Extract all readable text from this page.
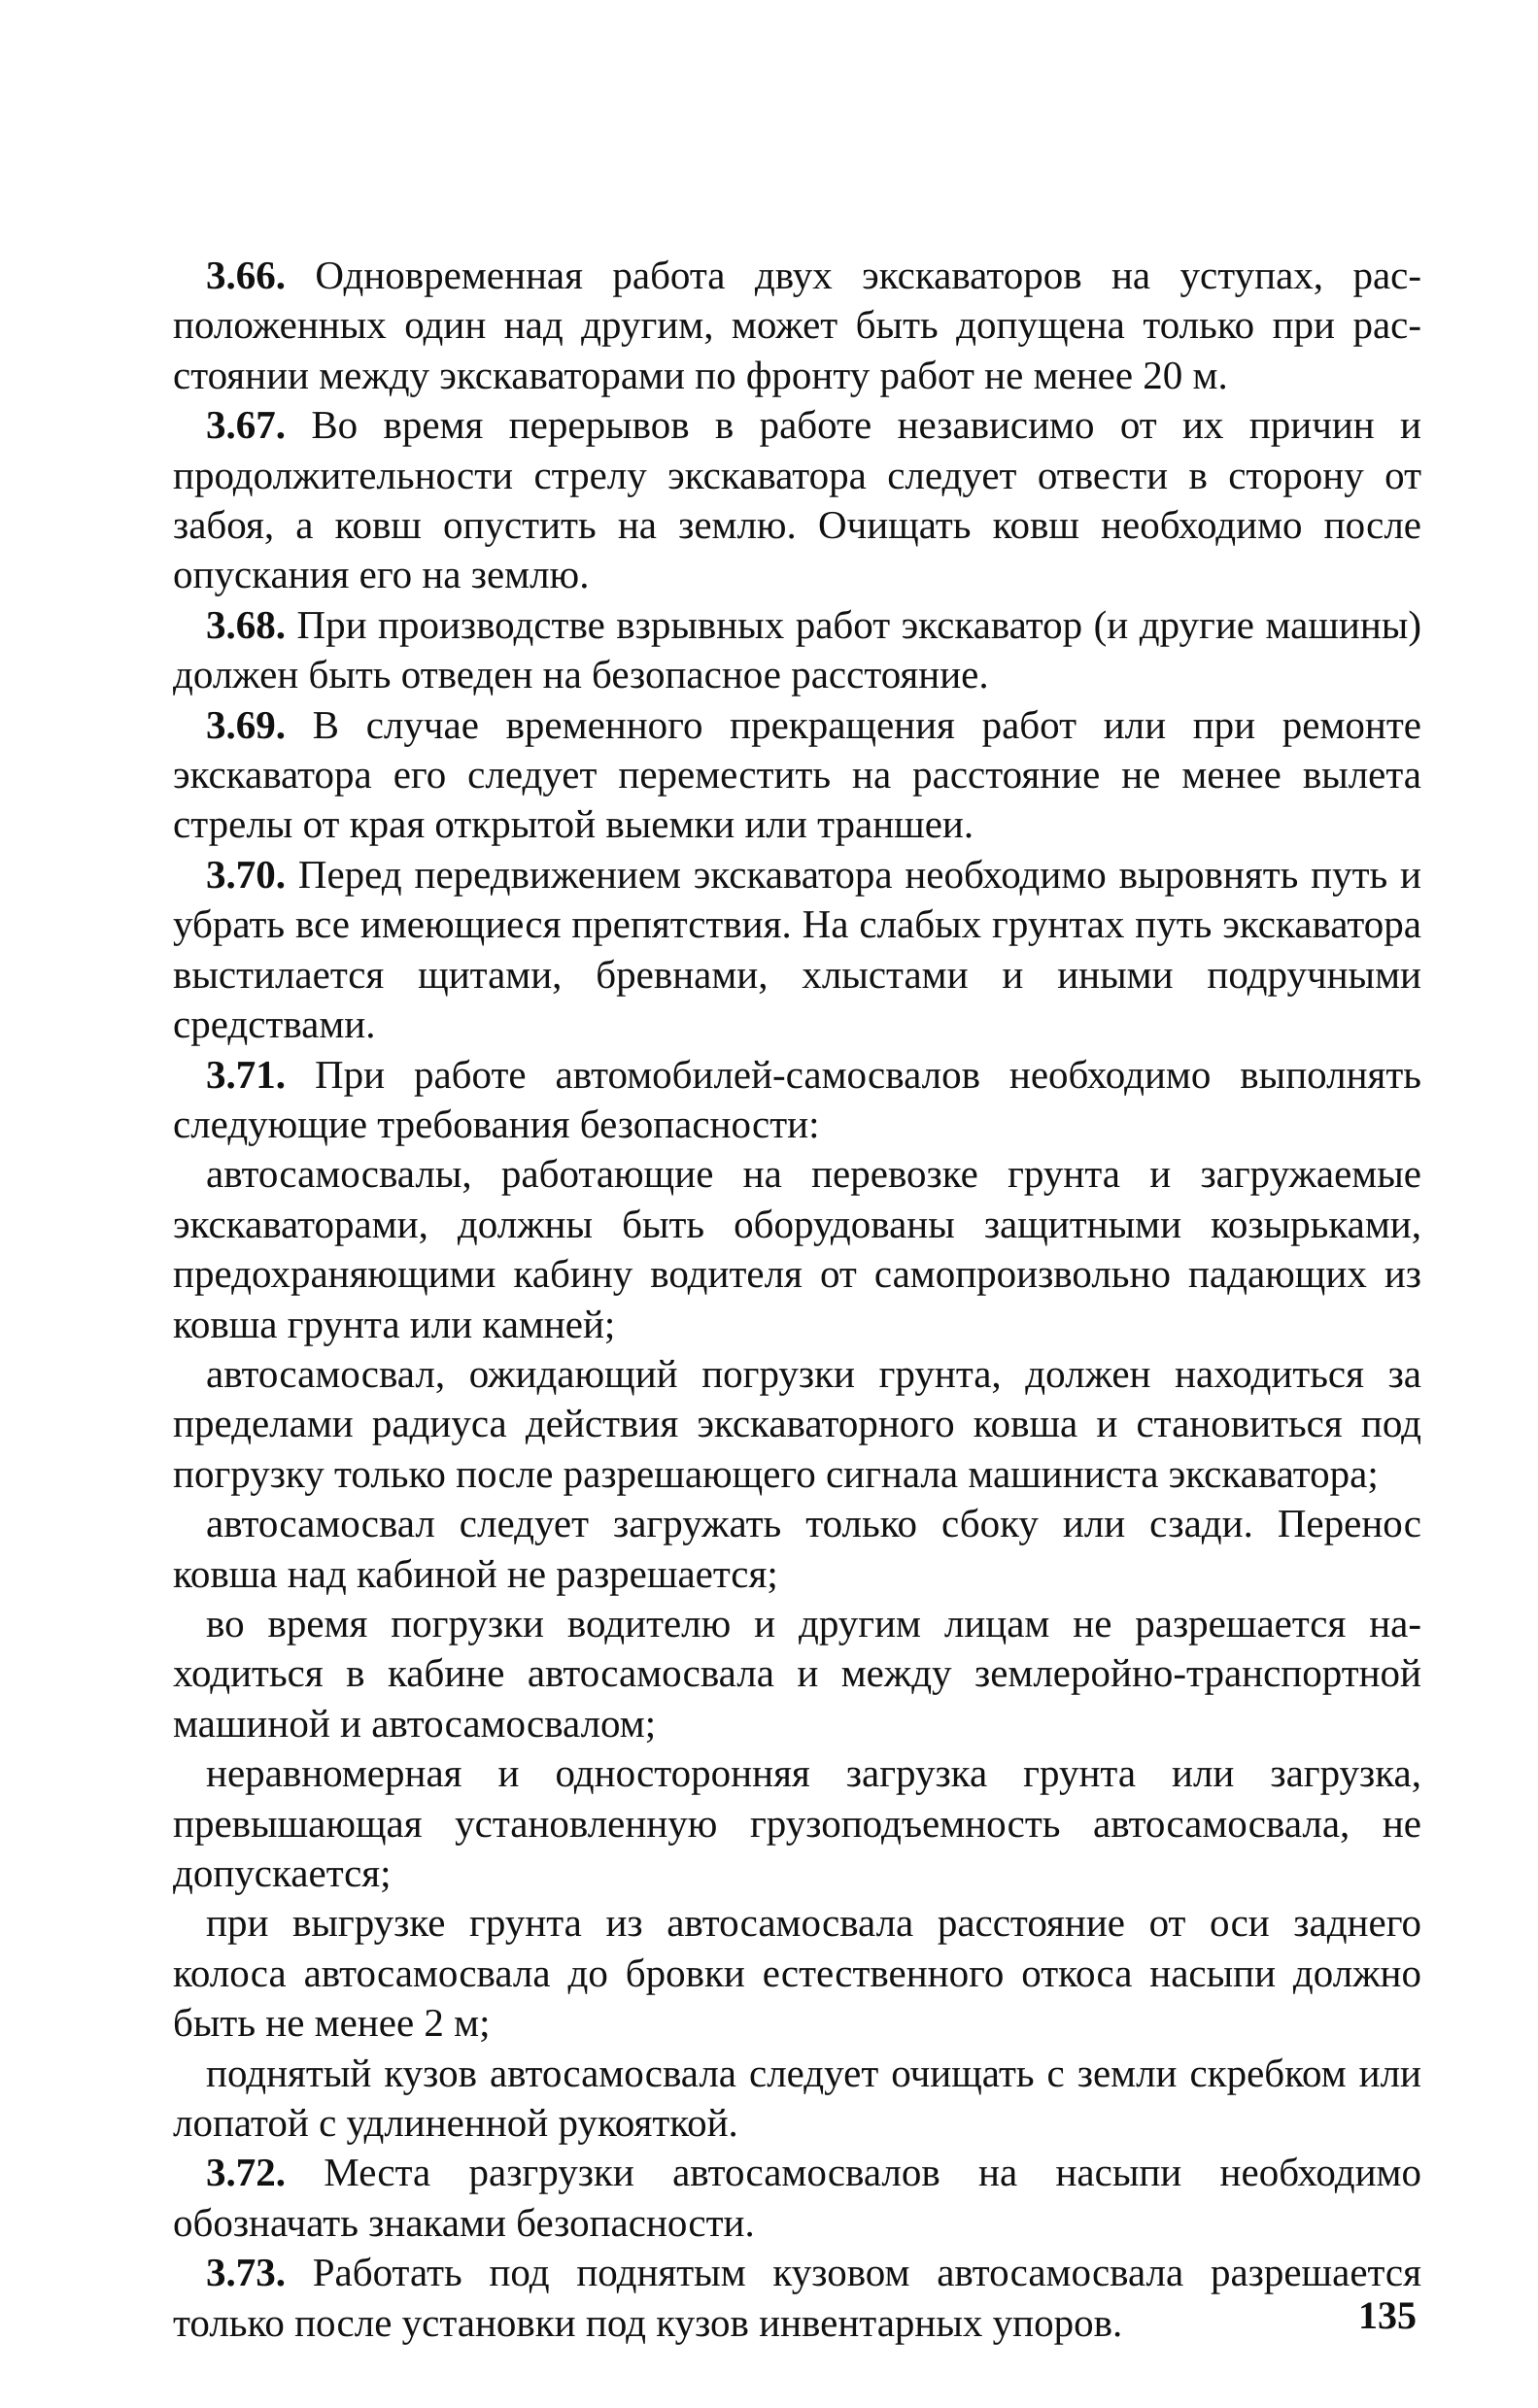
3.66. Одновременная работа двух экскаваторов на уступах, расположенных один над другим, может быть допущена только при расстоянии между экскаваторами по фронту работ не менее 20 м.

3.67. Во время перерывов в работе независимо от их причин и продолжительности стрелу экскаватора следует отвести в сторону от забоя, а ковш опустить на землю. Очищать ковш необходимо после опускания его на землю.

3.68. При производстве взрывных работ экскаватор (и другие машины) должен быть отведен на безопасное расстояние.

3.69. В случае временного прекращения работ или при ремонте экскаватора его следует переместить на расстояние не менее вылета стрелы от края открытой выемки или траншеи.

3.70. Перед передвижением экскаватора необходимо выровнять путь и убрать все имеющиеся препятствия. На слабых грунтах путь экскаватора выстилается щитами, бревнами, хлыстами и иными подручными средствами.

3.71. При работе автомобилей-самосвалов необходимо выполнять следующие требования безопасности:

автосамосвалы, работающие на перевозке грунта и загружаемые экскаваторами, должны быть оборудованы защитными козырьками, предохраняющими кабину водителя от самопроизвольно падающих из ковша грунта или камней;

автосамосвал, ожидающий погрузки грунта, должен находиться за пределами радиуса действия экскаваторного ковша и становиться под погрузку только после разрешающего сигнала машиниста экскаватора;

автосамосвал следует загружать только сбоку или сзади. Перенос ковша над кабиной не разрешается;

во время погрузки водителю и другим лицам не разрешается находиться в кабине автосамосвала и между землеройно-транспортной машиной и автосамосвалом;

неравномерная и односторонняя загрузка грунта или загрузка, превышающая установленную грузоподъемность автосамосвала, не допускается;

при выгрузке грунта из автосамосвала расстояние от оси заднего колоса автосамосвала до бровки естественного откоса насыпи должно быть не менее 2 м;

поднятый кузов автосамосвала следует очищать с земли скребком или лопатой с удлиненной рукояткой.

3.72. Места разгрузки автосамосвалов на насыпи необходимо обозначать знаками безопасности.

3.73. Работать под поднятым кузовом автосамосвала разрешается только после установки под кузов инвентарных упоров.	135
